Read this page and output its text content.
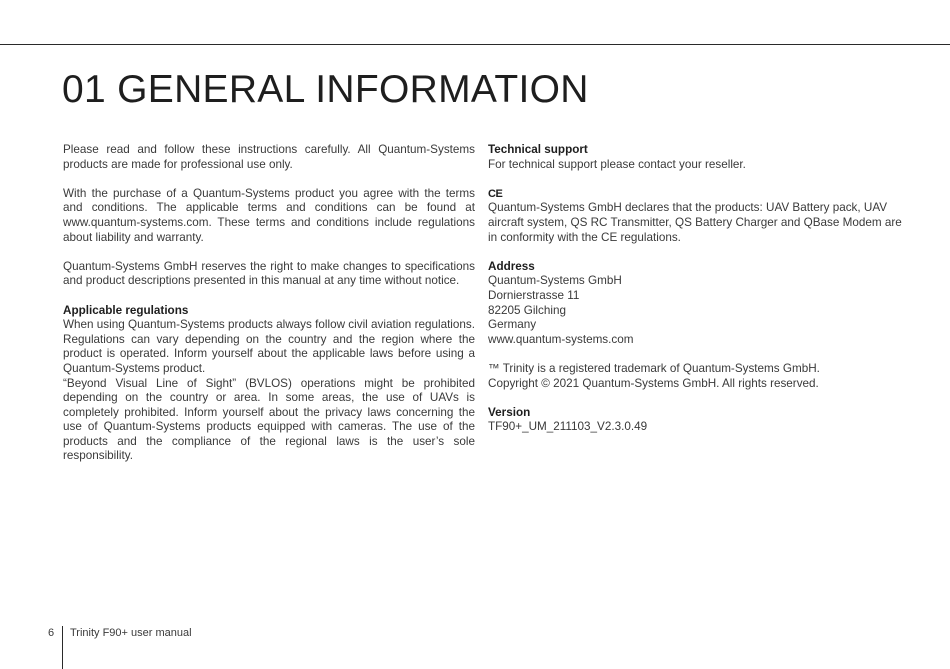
01 GENERAL INFORMATION

Please read and follow these instructions carefully. All Quantum-Systems products are made for professional use only.

With the purchase of a Quantum-Systems product you agree with the terms and conditions. The applicable terms and conditions can be found at www.quantum-systems.com. These terms and conditions include regulations about liability and warranty.

Quantum-Systems GmbH reserves the right to make changes to specifications and product descriptions presented in this manual at any time without notice.

Applicable regulations

When using Quantum-Systems products always follow civil aviation regulations. Regulations can vary depending on the country and the region where the product is operated. Inform yourself about the applicable laws before using a Quantum-Systems product.

“Beyond Visual Line of Sight” (BVLOS) operations might be prohibited depending on the country or area. In some areas, the use of UAVs is completely prohibited. Inform yourself about the privacy laws concerning the use of Quantum-Systems products equipped with cameras. The use of the products and the compliance of the regional laws is the user’s sole responsibility.

Technical support

For technical support please contact your reseller.

CE

Quantum-Systems GmbH declares that the products: UAV Battery pack, UAV aircraft system, QS RC Transmitter, QS Battery Charger and QBase Modem are in conformity with the CE regulations.

Address

Quantum-Systems GmbH

Dornierstrasse 11

82205 Gilching

Germany

www.quantum-systems.com

™ Trinity is a registered trademark of Quantum-Systems GmbH.

Copyright © 2021 Quantum-Systems GmbH. All rights reserved.

Version

TF90+_UM_211103_V2.3.0.49

6 Trinity F90+ user manual
